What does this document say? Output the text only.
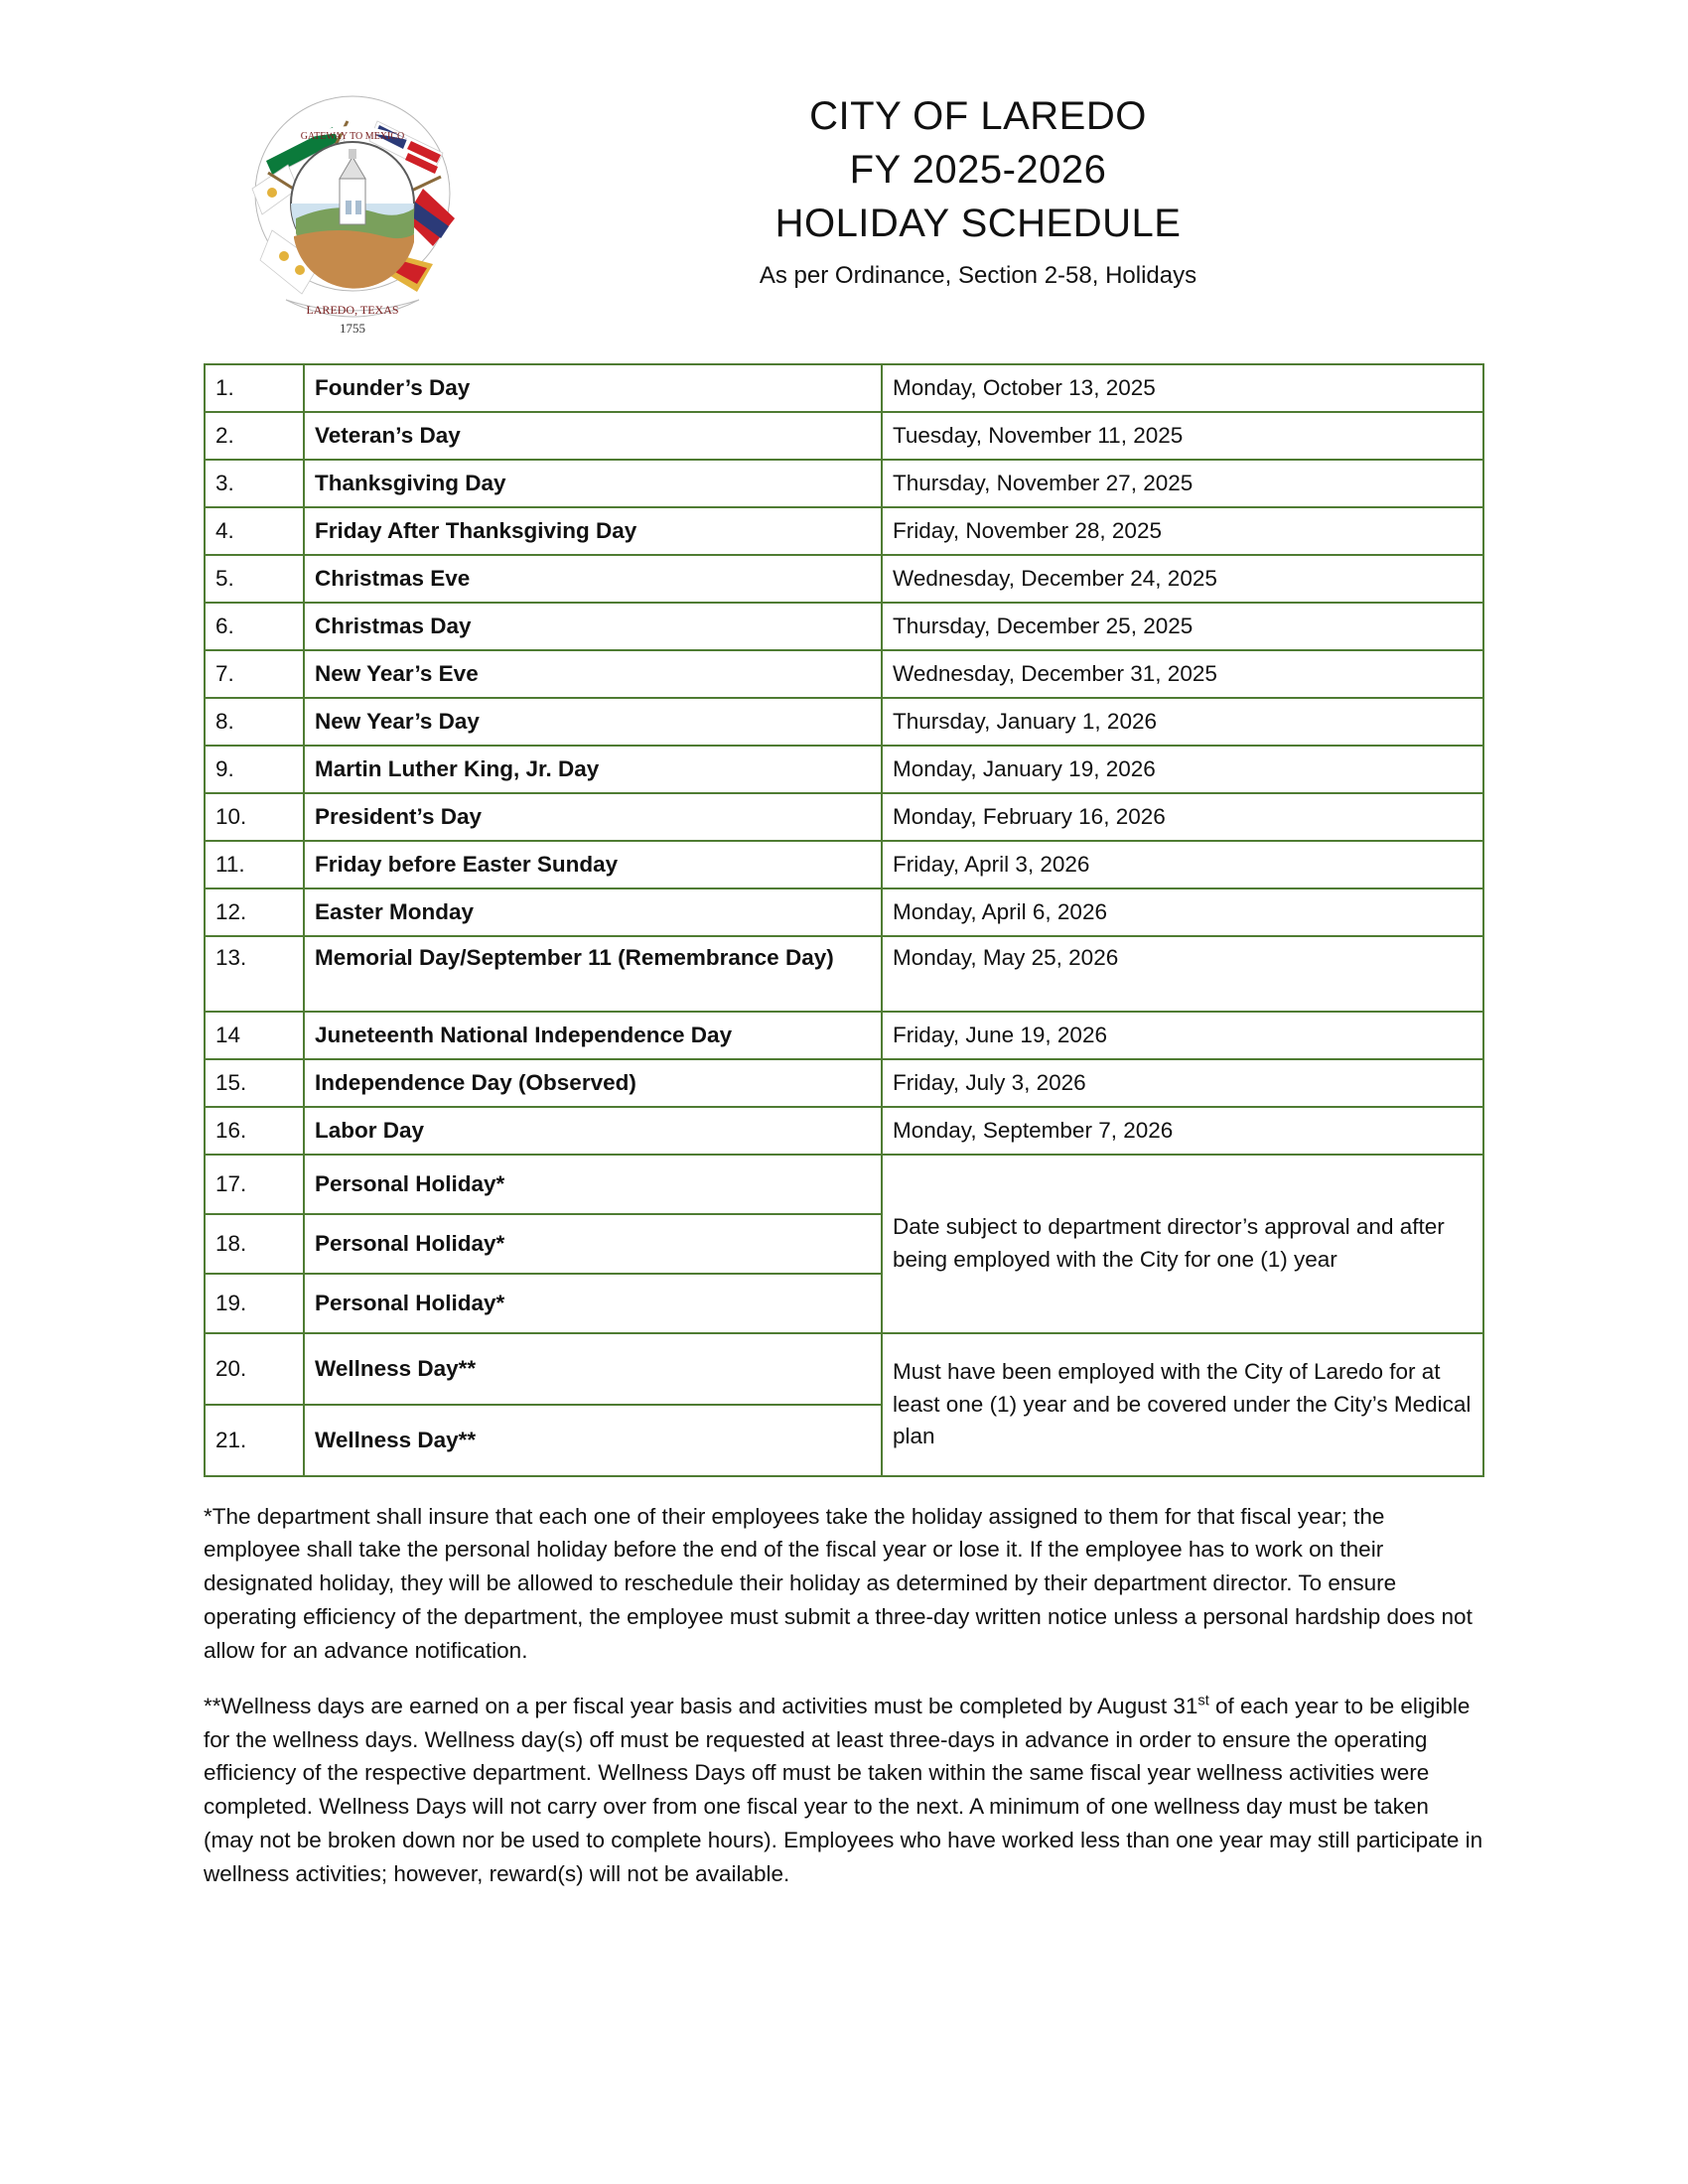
GATEWAY TO MEXICO
LAREDO, TEXAS
1755
CITY OF LAREDO
FY 2025-2026
HOLIDAY SCHEDULE
As per Ordinance, Section 2-58, Holidays
1.	Founder’s Day	Monday, October 13, 2025
2.	Veteran’s Day	Tuesday, November 11, 2025
3.	Thanksgiving Day	Thursday, November 27, 2025
4.	Friday After Thanksgiving Day	Friday, November 28, 2025
5.	Christmas Eve	Wednesday, December 24, 2025
6.	Christmas Day	Thursday, December 25, 2025
7.	New Year’s Eve	Wednesday, December 31, 2025
8.	New Year’s Day	Thursday, January 1, 2026
9.	Martin Luther King, Jr. Day	Monday, January 19, 2026
10.	President’s Day	Monday, February 16, 2026
11.	Friday before Easter Sunday	Friday, April 3, 2026
12.	Easter Monday	Monday, April 6, 2026
13.	Memorial Day/September 11 (Remembrance Day)	Monday, May 25, 2026
14	Juneteenth National Independence Day	Friday, June 19, 2026
15.	Independence Day (Observed)	Friday, July 3, 2026
16.	Labor Day	Monday, September 7, 2026
17.	Personal Holiday*	Date subject to department director’s approval and after being employed with the City for one (1) year
18.	Personal Holiday*	
19.	Personal Holiday*	
20.	Wellness Day**	Must have been employed with the City of Laredo for at least one (1) year and be covered under the City’s Medical plan
21.	Wellness Day**	

*The department shall insure that each one of their employees take the holiday assigned to them for that fiscal year; the employee shall take the personal holiday before the end of the fiscal year or lose it. If the employee has to work on their designated holiday, they will be allowed to reschedule their holiday as determined by their department director. To ensure operating efficiency of the department, the employee must submit a three-day written notice unless a personal hardship does not allow for an advance notification.

**Wellness days are earned on a per fiscal year basis and activities must be completed by August 31st of each year to be eligible for the wellness days. Wellness day(s) off must be requested at least three-days in advance in order to ensure the operating efficiency of the respective department. Wellness Days off must be taken within the same fiscal year wellness activities were completed. Wellness Days will not carry over from one fiscal year to the next. A minimum of one wellness day must be taken (may not be broken down nor be used to complete hours). Employees who have worked less than one year may still participate in wellness activities; however, reward(s) will not be available.
